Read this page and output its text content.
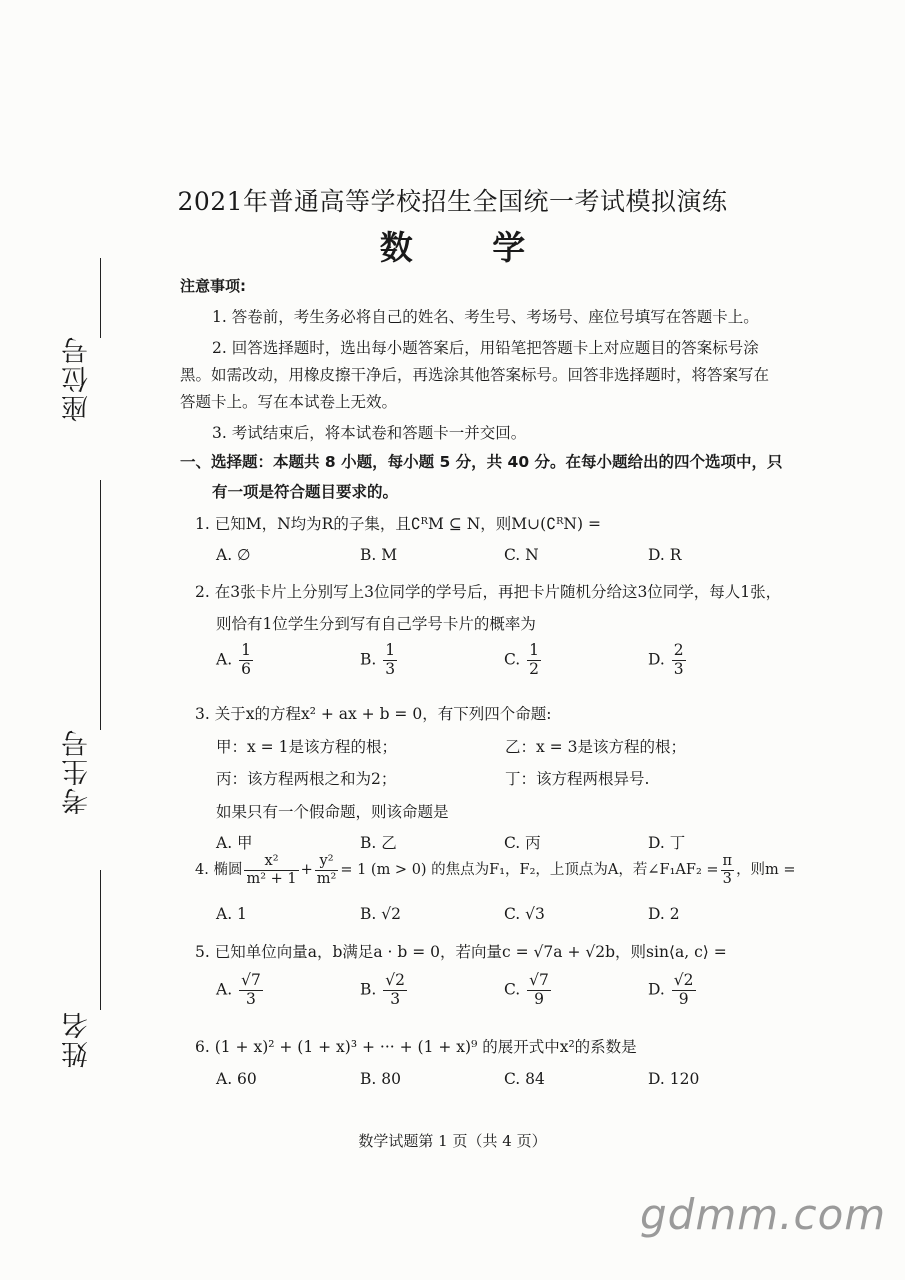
2021年普通高等学校招生全国统一考试模拟演练
数 学
座位号
考生号
姓名
注意事项:
1. 答卷前，考生务必将自己的姓名、考生号、考场号、座位号填写在答题卡上。
2. 回答选择题时，选出每小题答案后，用铅笔把答题卡上对应题目的答案标号涂
黑。如需改动，用橡皮擦干净后，再选涂其他答案标号。回答非选择题时，将答案写在
答题卡上。写在本试卷上无效。
3. 考试结束后，将本试卷和答题卡一并交回。
一、选择题：本题共 8 小题，每小题 5 分，共 40 分。在每小题给出的四个选项中，只
有一项是符合题目要求的。
1. 已知M，N均为R的子集，且∁ᴿM ⊆ N，则M∪(∁ᴿN) =
A. ∅	B. M	C. N	D. R
2. 在3张卡片上分别写上3位同学的学号后，再把卡片随机分给这3位同学，每人1张，
则恰有1位学生分到写有自己学号卡片的概率为
A. $\frac{1}{6}$	B. $\frac{1}{3}$	C. $\frac{1}{2}$	D. $\frac{2}{3}$
3. 关于x的方程x² + ax + b = 0，有下列四个命题:
甲：x = 1是该方程的根；	乙：x = 3是该方程的根；
丙：该方程两根之和为2；	丁：该方程两根异号.
如果只有一个假命题，则该命题是
A. 甲	B. 乙	C. 丙	D. 丁
4. 椭圆 $\frac{\text{x²}}{\text{m² + 1}} + \frac{\text{y²}}{\text{m²}} = 1$ (m > 0) 的焦点为F₁，F₂，上顶点为A，若∠F₁AF₂ = $\frac{\pi}{3}$ ，则m =
A. 1	B. √2	C. √3	D. 2
5. 已知单位向量a，b满足a · b = 0，若向量c = √7a + √2b，则sin⟨a, c⟩ =
A. $\frac{√7}{3}$	B. $\frac{√2}{3}$	C. $\frac{√7}{9}$	D. $\frac{√2}{9}$
6. (1 + x)² + (1 + x)³ + ··· + (1 + x)⁹ 的展开式中x²的系数是
A. 60	B. 80	C. 84	D. 120
数学试题第 1 页（共 4 页）
gdmm.com
